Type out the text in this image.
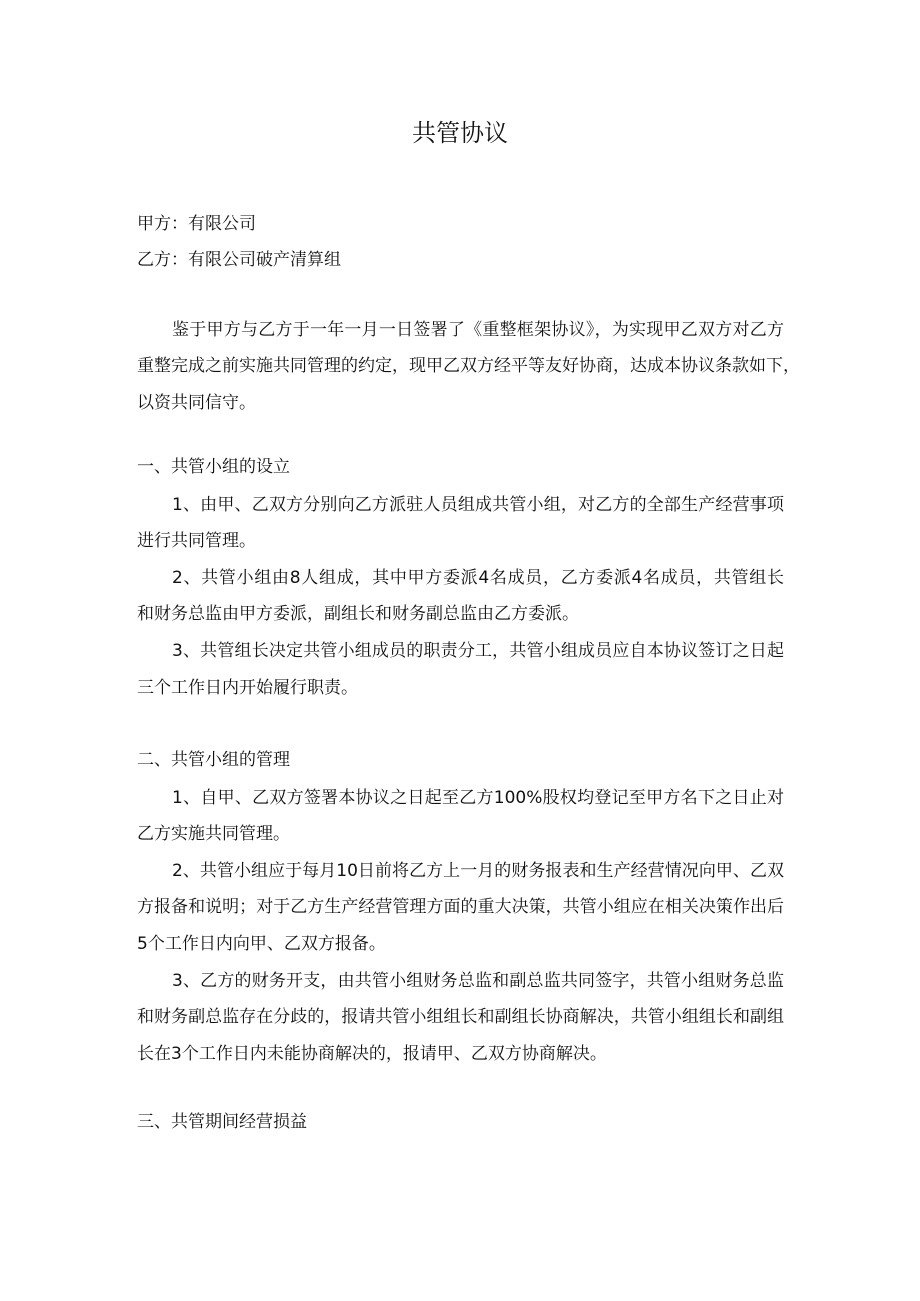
共管协议
甲方：有限公司
乙方：有限公司破产清算组
鉴于甲方与乙方于一年一月一日签署了《重整框架协议》，为实现甲乙双方对乙方
重整完成之前实施共同管理的约定，现甲乙双方经平等友好协商，达成本协议条款如下，
以资共同信守。
一、共管小组的设立
1、由甲、乙双方分别向乙方派驻人员组成共管小组，对乙方的全部生产经营事项
进行共同管理。
2、共管小组由8人组成，其中甲方委派4名成员，乙方委派4名成员，共管组长
和财务总监由甲方委派，副组长和财务副总监由乙方委派。
3、共管组长决定共管小组成员的职责分工，共管小组成员应自本协议签订之日起
三个工作日内开始履行职责。
二、共管小组的管理
1、自甲、乙双方签署本协议之日起至乙方100%股权均登记至甲方名下之日止对
乙方实施共同管理。
2、共管小组应于每月10日前将乙方上一月的财务报表和生产经营情况向甲、乙双
方报备和说明；对于乙方生产经营管理方面的重大决策，共管小组应在相关决策作出后
5个工作日内向甲、乙双方报备。
3、乙方的财务开支，由共管小组财务总监和副总监共同签字，共管小组财务总监
和财务副总监存在分歧的，报请共管小组组长和副组长协商解决，共管小组组长和副组
长在3个工作日内未能协商解决的，报请甲、乙双方协商解决。
三、共管期间经营损益
